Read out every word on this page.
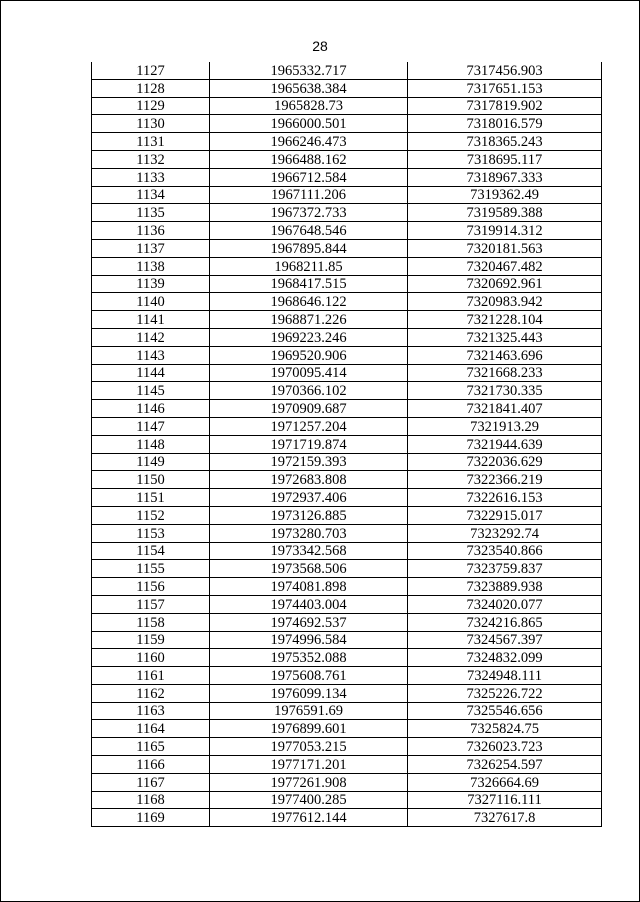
28
1127	1965332.717	7317456.903
1128	1965638.384	7317651.153
1129	1965828.73	7317819.902
1130	1966000.501	7318016.579
1131	1966246.473	7318365.243
1132	1966488.162	7318695.117
1133	1966712.584	7318967.333
1134	1967111.206	7319362.49
1135	1967372.733	7319589.388
1136	1967648.546	7319914.312
1137	1967895.844	7320181.563
1138	1968211.85	7320467.482
1139	1968417.515	7320692.961
1140	1968646.122	7320983.942
1141	1968871.226	7321228.104
1142	1969223.246	7321325.443
1143	1969520.906	7321463.696
1144	1970095.414	7321668.233
1145	1970366.102	7321730.335
1146	1970909.687	7321841.407
1147	1971257.204	7321913.29
1148	1971719.874	7321944.639
1149	1972159.393	7322036.629
1150	1972683.808	7322366.219
1151	1972937.406	7322616.153
1152	1973126.885	7322915.017
1153	1973280.703	7323292.74
1154	1973342.568	7323540.866
1155	1973568.506	7323759.837
1156	1974081.898	7323889.938
1157	1974403.004	7324020.077
1158	1974692.537	7324216.865
1159	1974996.584	7324567.397
1160	1975352.088	7324832.099
1161	1975608.761	7324948.111
1162	1976099.134	7325226.722
1163	1976591.69	7325546.656
1164	1976899.601	7325824.75
1165	1977053.215	7326023.723
1166	1977171.201	7326254.597
1167	1977261.908	7326664.69
1168	1977400.285	7327116.111
1169	1977612.144	7327617.8
